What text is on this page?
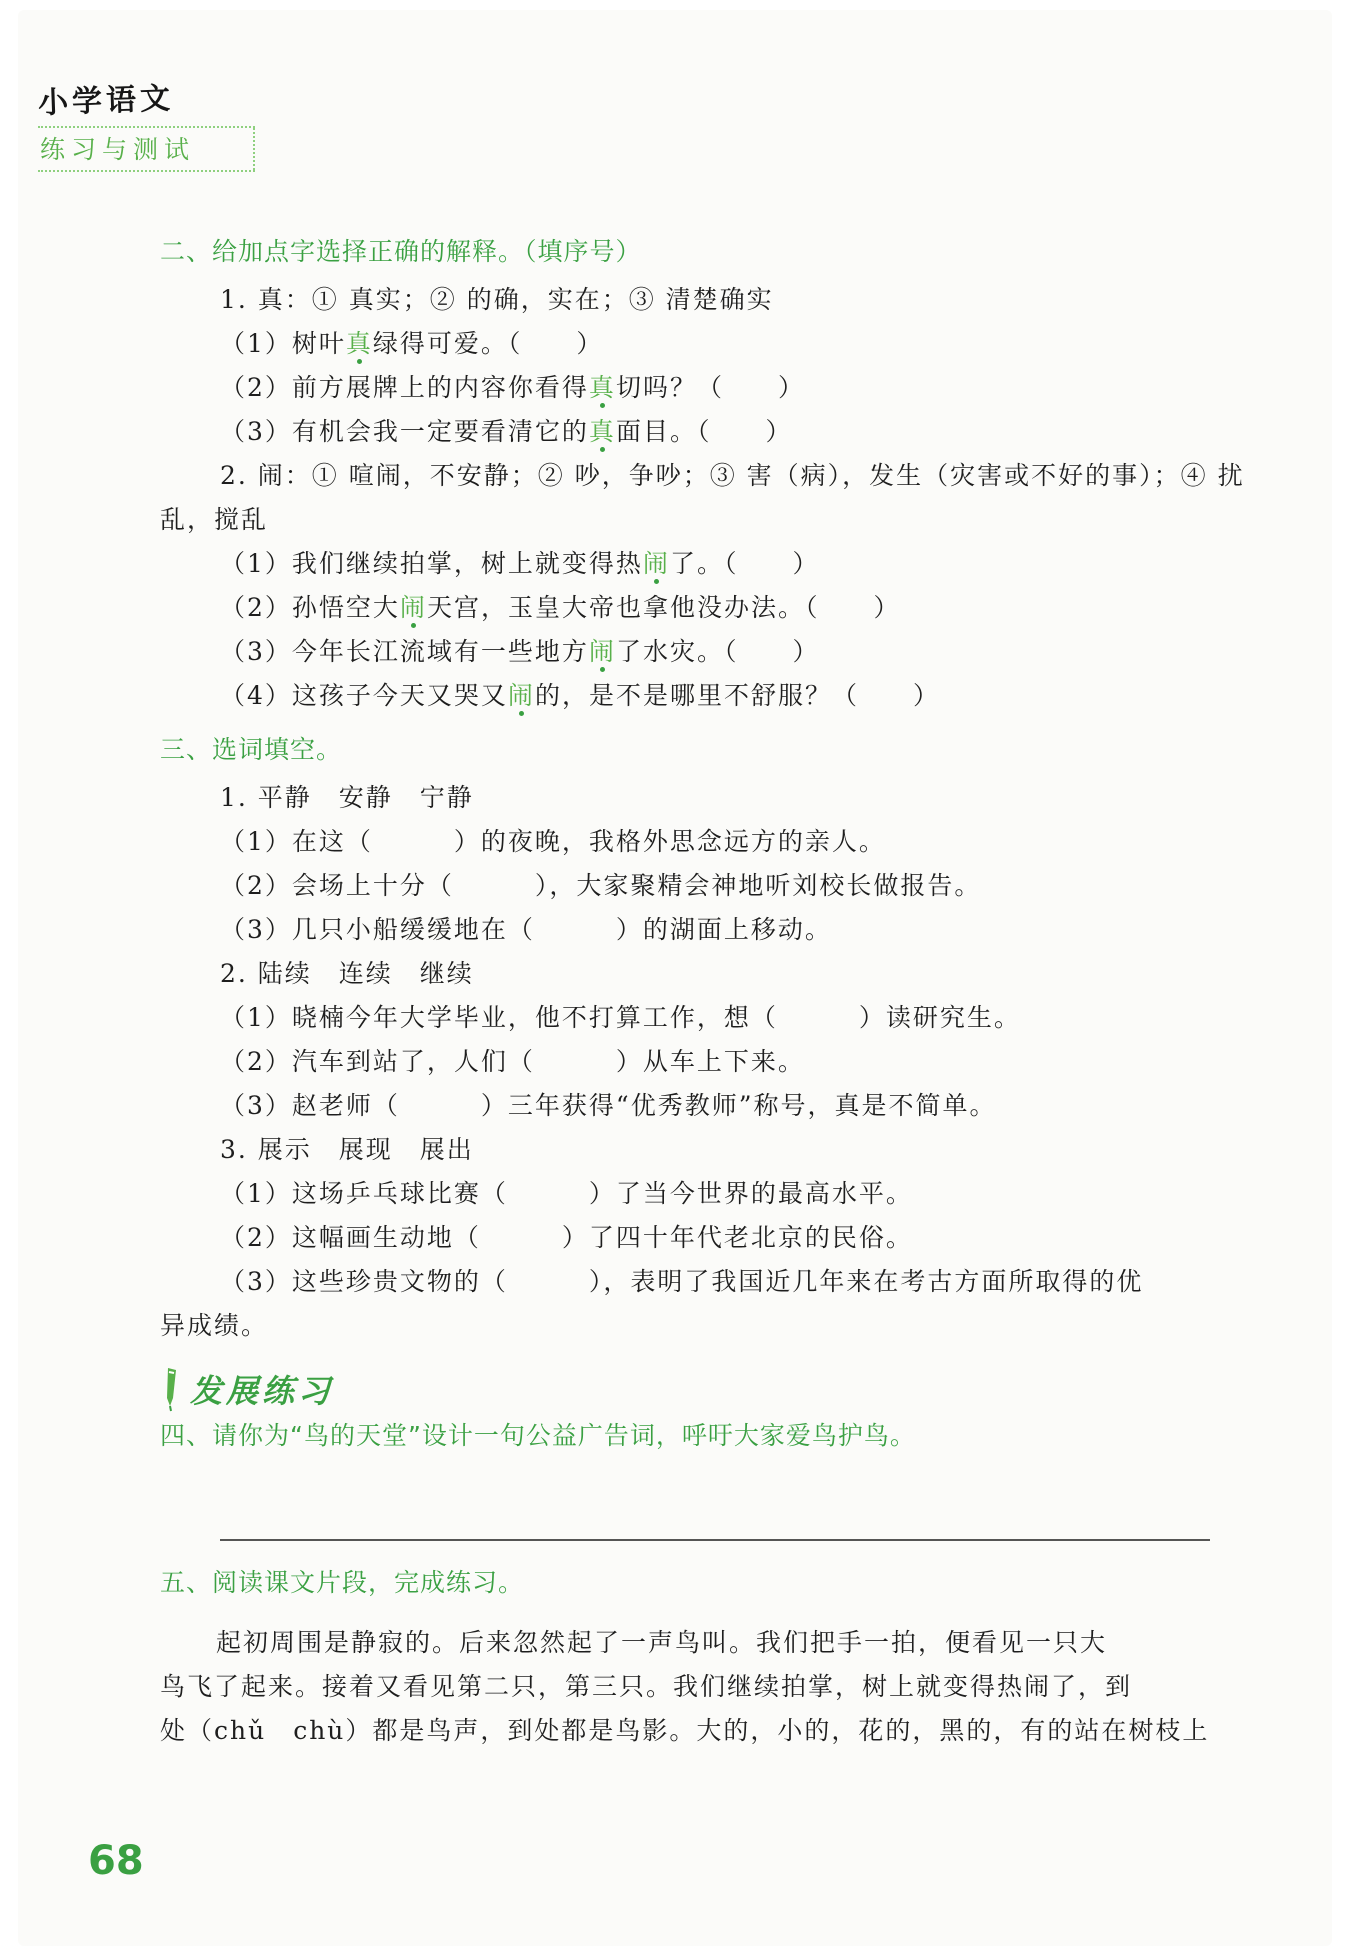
小学语文
练习与测试

二、给加点字选择正确的解释。（填序号）

1. 真：① 真实；② 的确，实在；③ 清楚确实

（1）树叶真绿得可爱。（　　）

（2）前方展牌上的内容你看得真切吗？（　　）

（3）有机会我一定要看清它的真面目。（　　）

2. 闹：① 喧闹，不安静；② 吵，争吵；③ 害（病），发生（灾害或不好的事）；④ 扰

乱，搅乱

（1）我们继续拍掌，树上就变得热闹了。（　　）

（2）孙悟空大闹天宫，玉皇大帝也拿他没办法。（　　）

（3）今年长江流域有一些地方闹了水灾。（　　）

（4）这孩子今天又哭又闹的，是不是哪里不舒服？（　　）

三、选词填空。

1. 平静　安静　宁静

（1）在这（　　　）的夜晚，我格外思念远方的亲人。

（2）会场上十分（　　　），大家聚精会神地听刘校长做报告。

（3）几只小船缓缓地在（　　　）的湖面上移动。

2. 陆续　连续　继续

（1）晓楠今年大学毕业，他不打算工作，想（　　　）读研究生。

（2）汽车到站了，人们（　　　）从车上下来。

（3）赵老师（　　　）三年获得“优秀教师”称号，真是不简单。

3. 展示　展现　展出

（1）这场乒乓球比赛（　　　）了当今世界的最高水平。

（2）这幅画生动地（　　　）了四十年代老北京的民俗。

（3）这些珍贵文物的（　　　），表明了我国近几年来在考古方面所取得的优

异成绩。

发展练习

四、请你为“鸟的天堂”设计一句公益广告词，呼吁大家爱鸟护鸟。

五、阅读课文片段，完成练习。

起初周围是静寂的。后来忽然起了一声鸟叫。我们把手一拍，便看见一只大

鸟飞了起来。接着又看见第二只，第三只。我们继续拍掌，树上就变得热闹了，到

处（chǔ　chù）都是鸟声，到处都是鸟影。大的，小的，花的，黑的，有的站在树枝上

68
